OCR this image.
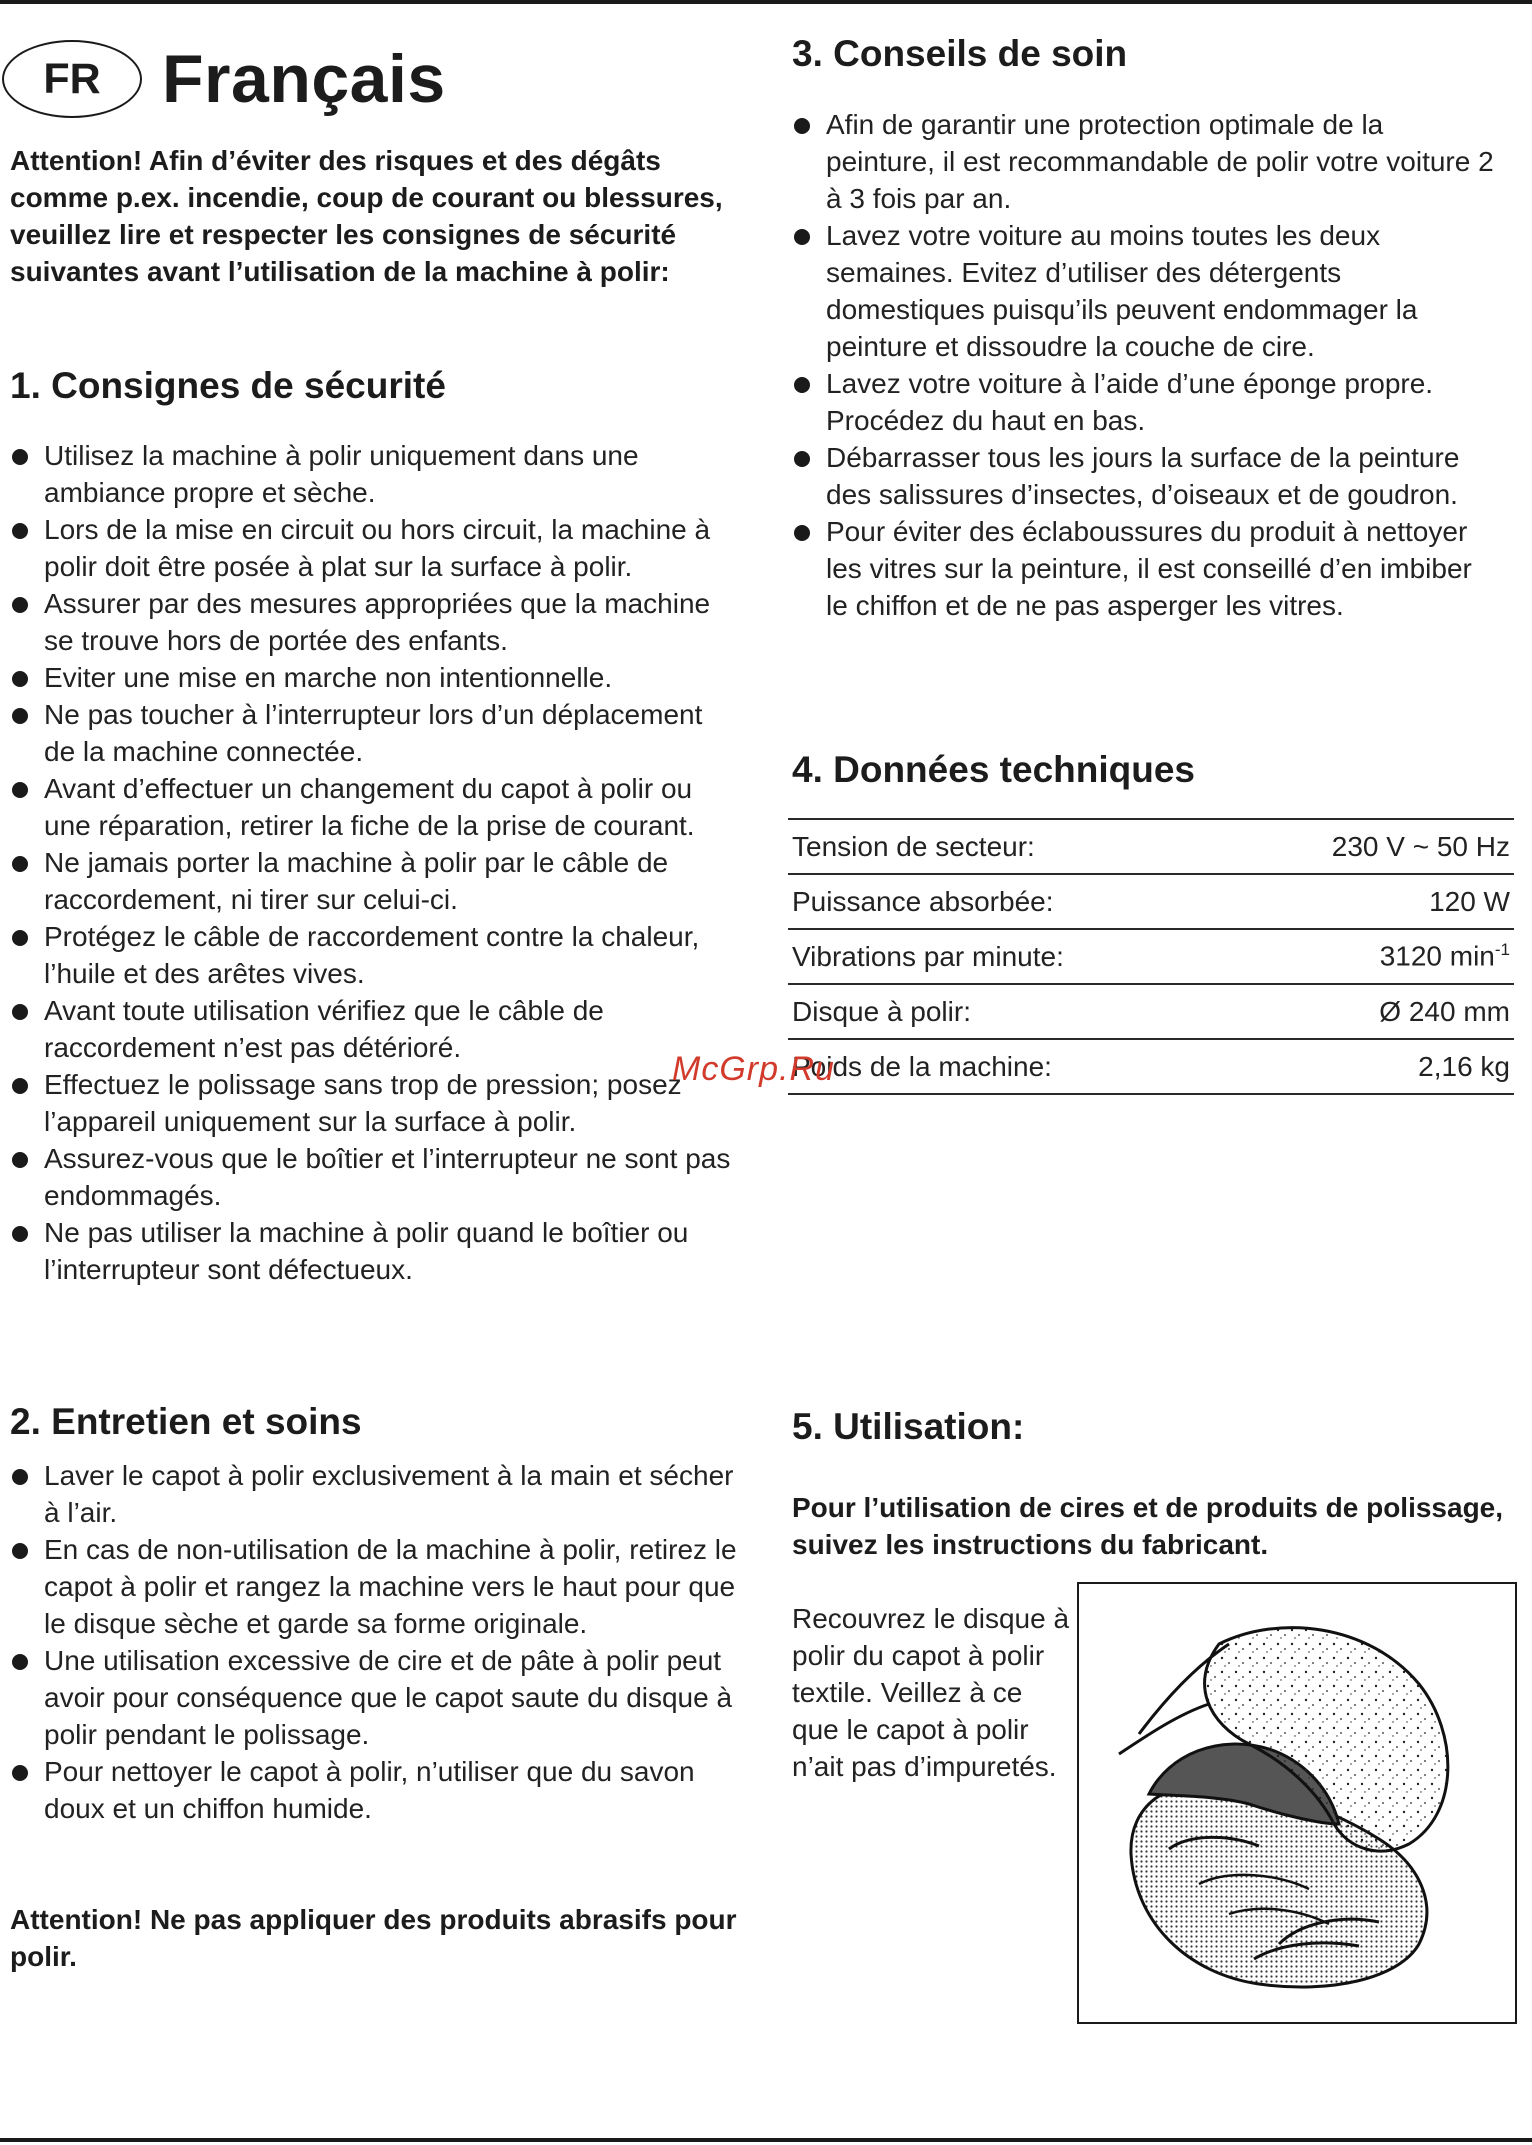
FR Français

Attention! Afin d’éviter des risques et des dégâts comme p.ex. incendie, coup de courant ou blessures, veuillez lire et respecter les consignes de sécurité suivantes avant l’utilisation de la machine à polir:

1. Consignes de sécurité
Utilisez la machine à polir uniquement dans une ambiance propre et sèche.
Lors de la mise en circuit ou hors circuit, la machine à polir doit être posée à plat sur la surface à polir.
Assurer par des mesures appropriées que la machine se trouve hors de portée des enfants.
Eviter une mise en marche non intentionnelle.
Ne pas toucher à l’interrupteur lors d’un déplacement de la machine connectée.
Avant d’effectuer un changement du capot à polir ou une réparation, retirer la fiche de la prise de courant.
Ne jamais porter la machine à polir par le câble de raccordement, ni tirer sur celui-ci.
Protégez le câble de raccordement contre la chaleur, l’huile et des arêtes vives.
Avant toute utilisation vérifiez que le câble de raccordement n’est pas détérioré.
Effectuez le polissage sans trop de pression; posez l’appareil uniquement sur la surface à polir.
Assurez-vous que le boîtier et l’interrupteur ne sont pas endommagés.
Ne pas utiliser la machine à polir quand le boîtier ou l’interrupteur sont défectueux.
2. Entretien et soins
Laver le capot à polir exclusivement à la main et sécher à l’air.
En cas de non-utilisation de la machine à polir, retirez le capot à polir et rangez la machine vers le haut pour que le disque sèche et garde sa forme originale.
Une utilisation excessive de cire et de pâte à polir peut avoir pour conséquence que le capot saute du disque à polir pendant le polissage.
Pour nettoyer le capot à polir, n’utiliser que du savon doux et un chiffon humide.

Attention! Ne pas appliquer des produits abrasifs pour polir.

3. Conseils de soin
Afin de garantir une protection optimale de la peinture, il est recommandable de polir votre voiture 2 à 3 fois par an.
Lavez votre voiture au moins toutes les deux semaines. Evitez d’utiliser des détergents domestiques puisqu’ils peuvent endommager la peinture et dissoudre la couche de cire.
Lavez votre voiture à l’aide d’une éponge propre. Procédez du haut en bas.
Débarrasser tous les jours la surface de la peinture des salissures d’insectes, d’oiseaux et de goudron.
Pour éviter des éclaboussures du produit à nettoyer les vitres sur la peinture, il est conseillé d’en imbiber le chiffon et de ne pas asperger les vitres.
4. Données techniques
Tension de secteur:	230 V ~ 50 Hz
Puissance absorbée:	120 W
Vibrations par minute:	3120 $\min^{-1}$
Disque à polir:	Ø 240 mm
Poids de la machine:	2,16 kg
5. Utilisation:

Pour l’utilisation de cires et de produits de polissage, suivez les instructions du fabricant.

Recouvrez le disque à polir du capot à polir textile. Veillez à ce que le capot à polir n’ait pas d’impuretés.

McGrp.Ru
